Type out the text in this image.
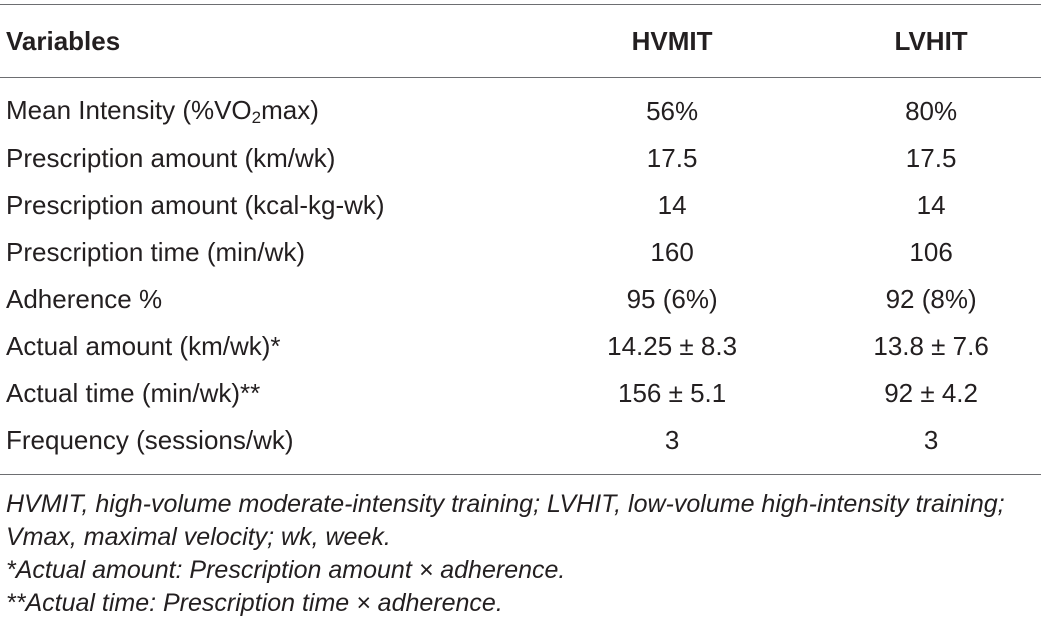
Variables	HVMIT	LVHIT
Mean Intensity $(\%VO_2\max)$	56%	80%
Prescription amount (km/wk)	17.5	17.5
Prescription amount (kcal-kg-wk)	14	14
Prescription time (min/wk)	160	106
Adherence %	95 (6%)	92 (8%)
Actual amount (km/wk)*	14.25 ± 8.3	13.8 ± 7.6
Actual time (min/wk)**	156 ± 5.1	92 ± 4.2
Frequency (sessions/wk)	3	3

HVMIT, high-volume moderate-intensity training; LVHIT, low-volume high-intensity training; Vmax, maximal velocity; wk, week.

*Actual amount: Prescription amount × adherence.

**Actual time: Prescription time × adherence.
